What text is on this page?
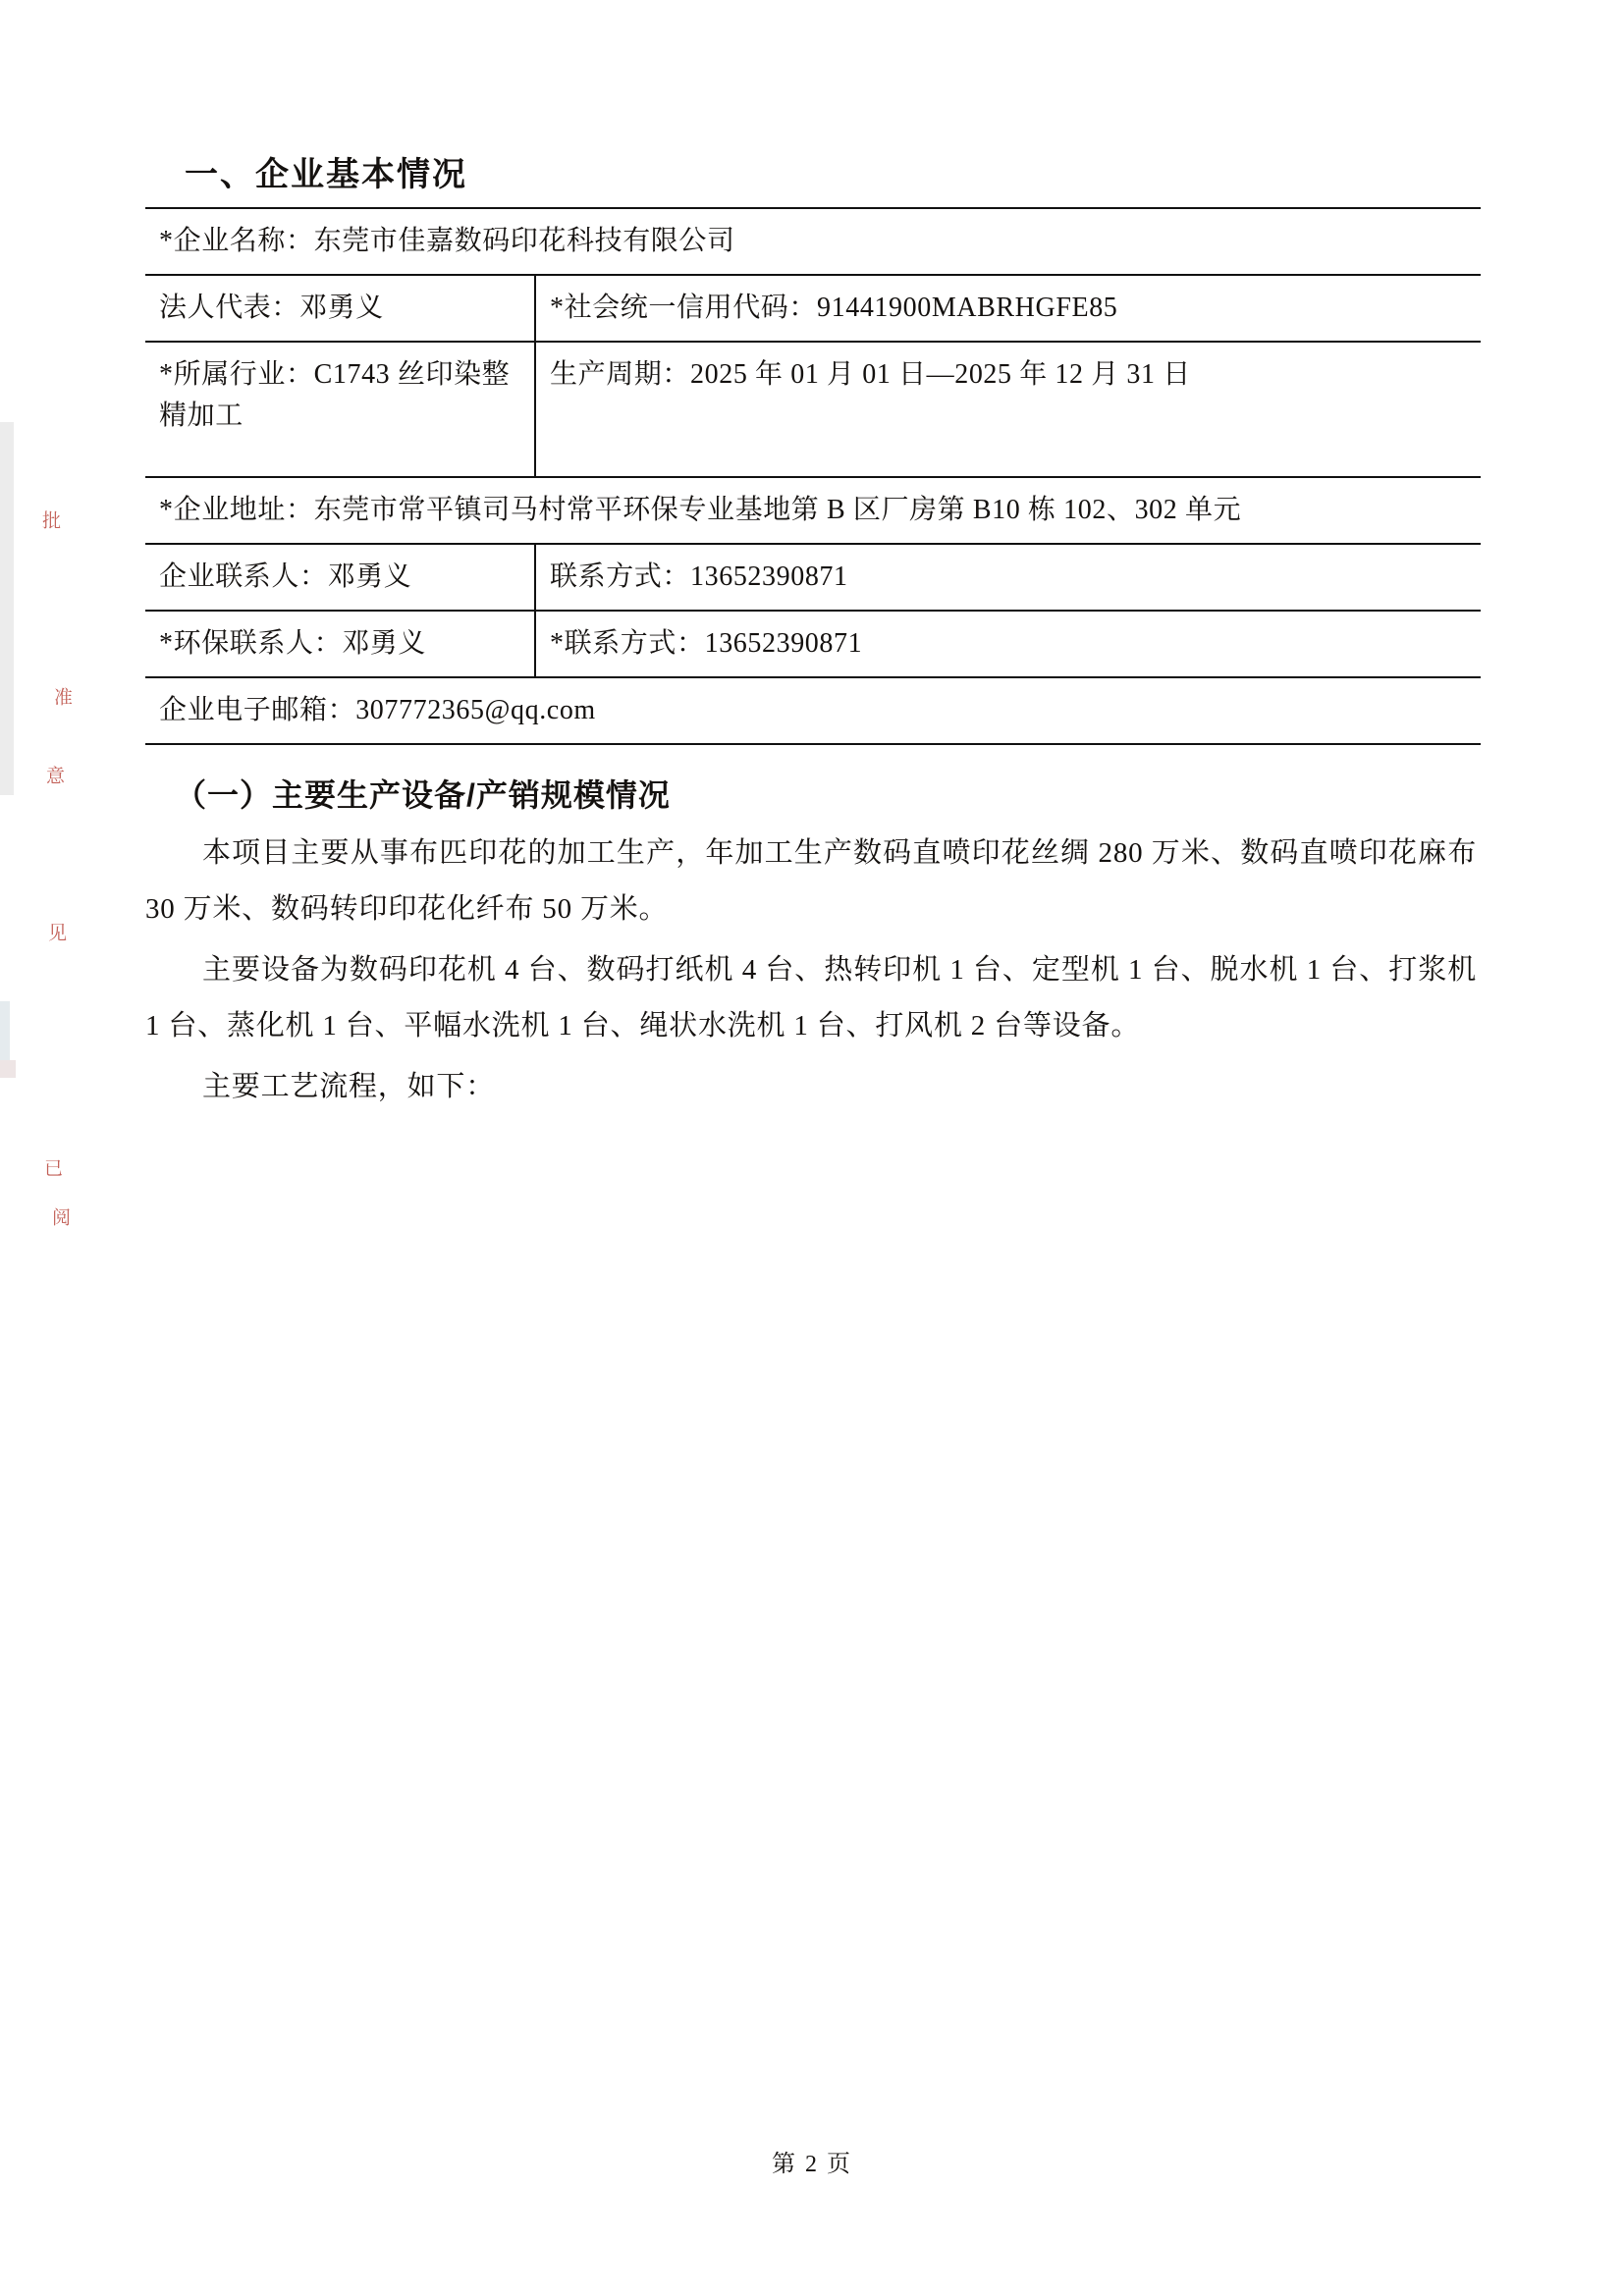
批
准
意
见
已
阅
一、企业基本情况
*企业名称：东莞市佳嘉数码印花科技有限公司	
法人代表：邓勇义	*社会统一信用代码：91441900MABRHGFE85
*所属行业：C1743 丝印染整精加工	生产周期：2025 年 01 月 01 日—2025 年 12 月 31 日
*企业地址：东莞市常平镇司马村常平环保专业基地第 B 区厂房第 B10 栋 102、302 单元	
企业联系人：邓勇义	联系方式：13652390871
*环保联系人：邓勇义	*联系方式：13652390871
企业电子邮箱：307772365@qq.com	
（一）主要生产设备/产销规模情况

本项目主要从事布匹印花的加工生产，年加工生产数码直喷印花丝绸 280 万米、数码直喷印花麻布 30 万米、数码转印印花化纤布 50 万米。

主要设备为数码印花机 4 台、数码打纸机 4 台、热转印机 1 台、定型机 1 台、脱水机 1 台、打浆机 1 台、蒸化机 1 台、平幅水洗机 1 台、绳状水洗机 1 台、打风机 2 台等设备。

主要工艺流程，如下：

第 2 页
